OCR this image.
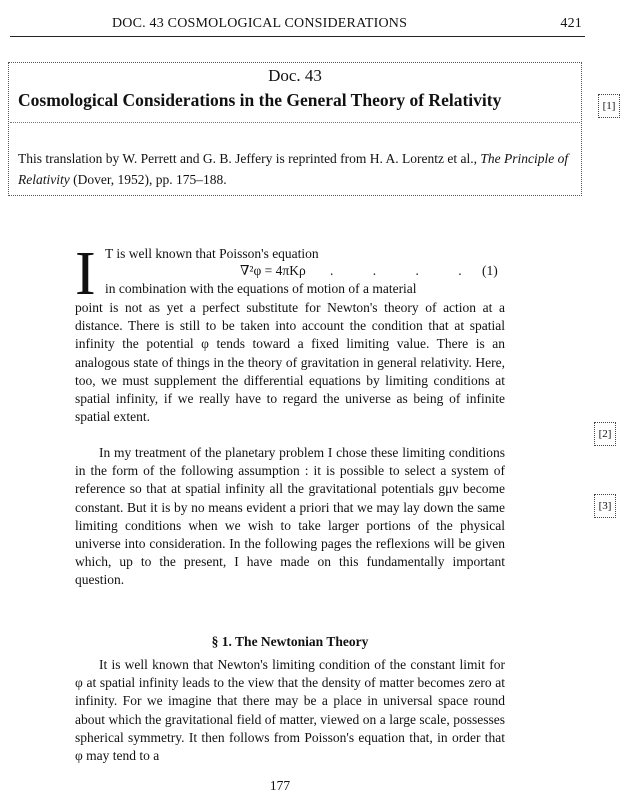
DOC. 43 COSMOLOGICAL CONSIDERATIONS	421
Doc. 43
Cosmological Considerations in the General Theory of Relativity
This translation by W. Perrett and G. B. Jeffery is reprinted from H. A. Lorentz et al., The Principle of Relativity (Dover, 1952), pp. 175–188.
[1]
[2]
[3]
I T is well known that Poisson's equation
∇²φ = 4πKρ . . . . (1)
in combination with the equations of motion of a material
point is not as yet a perfect substitute for Newton's theory of action at a distance. There is still to be taken into account the condition that at spatial infinity the potential φ tends toward a fixed limiting value. There is an analogous state of things in the theory of gravitation in general relativity. Here, too, we must supplement the differential equations by limiting conditions at spatial infinity, if we really have to regard the universe as being of infinite spatial extent.
In my treatment of the planetary problem I chose these limiting conditions in the form of the following assumption : it is possible to select a system of reference so that at spatial infinity all the gravitational potentials gμν become constant. But it is by no means evident a priori that we may lay down the same limiting conditions when we wish to take larger portions of the physical universe into consideration. In the following pages the reflexions will be given which, up to the present, I have made on this fundamentally important question.
§ 1. The Newtonian Theory
It is well known that Newton's limiting condition of the constant limit for φ at spatial infinity leads to the view that the density of matter becomes zero at infinity. For we imagine that there may be a place in universal space round about which the gravitational field of matter, viewed on a large scale, possesses spherical symmetry. It then follows from Poisson's equation that, in order that φ may tend to a
177
